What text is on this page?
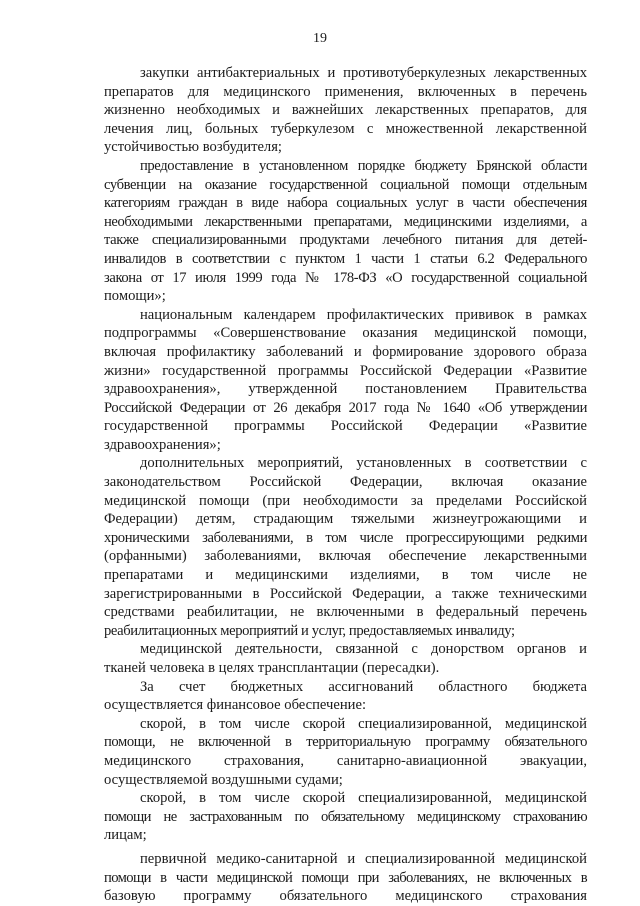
19
закупки антибактериальных и противотуберкулезных лекарственных
препаратов для медицинского применения, включенных в перечень
жизненно необходимых и важнейших лекарственных препаратов, для
лечения лиц, больных туберкулезом с множественной лекарственной
устойчивостью возбудителя;
предоставление в установленном порядке бюджету Брянской области
субвенции на оказание государственной социальной помощи отдельным
категориям граждан в виде набора социальных услуг в части обеспечения
необходимыми лекарственными препаратами, медицинскими изделиями, а
также специализированными продуктами лечебного питания для детей-
инвалидов в соответствии с пунктом 1 части 1 статьи 6.2 Федерального
закона от 17 июля 1999 года № 178-ФЗ «О государственной социальной
помощи»;
национальным календарем профилактических прививок в рамках
подпрограммы «Совершенствование оказания медицинской помощи,
включая профилактику заболеваний и формирование здорового образа
жизни» государственной программы Российской Федерации «Развитие
здравоохранения», утвержденной постановлением Правительства
Российской Федерации от 26 декабря 2017 года № 1640 «Об утверждении
государственной программы Российской Федерации «Развитие
здравоохранения»;
дополнительных мероприятий, установленных в соответствии с
законодательством Российской Федерации, включая оказание
медицинской помощи (при необходимости за пределами Российской
Федерации) детям, страдающим тяжелыми жизнеугрожающими и
хроническими заболеваниями, в том числе прогрессирующими редкими
(орфанными) заболеваниями, включая обеспечение лекарственными
препаратами и медицинскими изделиями, в том числе не
зарегистрированными в Российской Федерации, а также техническими
средствами реабилитации, не включенными в федеральный перечень
реабилитационных мероприятий и услуг, предоставляемых инвалиду;
медицинской деятельности, связанной с донорством органов и
тканей человека в целях трансплантации (пересадки).
За счет бюджетных ассигнований областного бюджета
осуществляется финансовое обеспечение:
скорой, в том числе скорой специализированной, медицинской
помощи, не включенной в территориальную программу обязательного
медицинского страхования, санитарно-авиационной эвакуации,
осуществляемой воздушными судами;
скорой, в том числе скорой специализированной, медицинской
помощи не застрахованным по обязательному медицинскому страхованию
лицам;
первичной медико-санитарной и специализированной медицинской
помощи в части медицинской помощи при заболеваниях, не включенных в
базовую программу обязательного медицинского страхования
